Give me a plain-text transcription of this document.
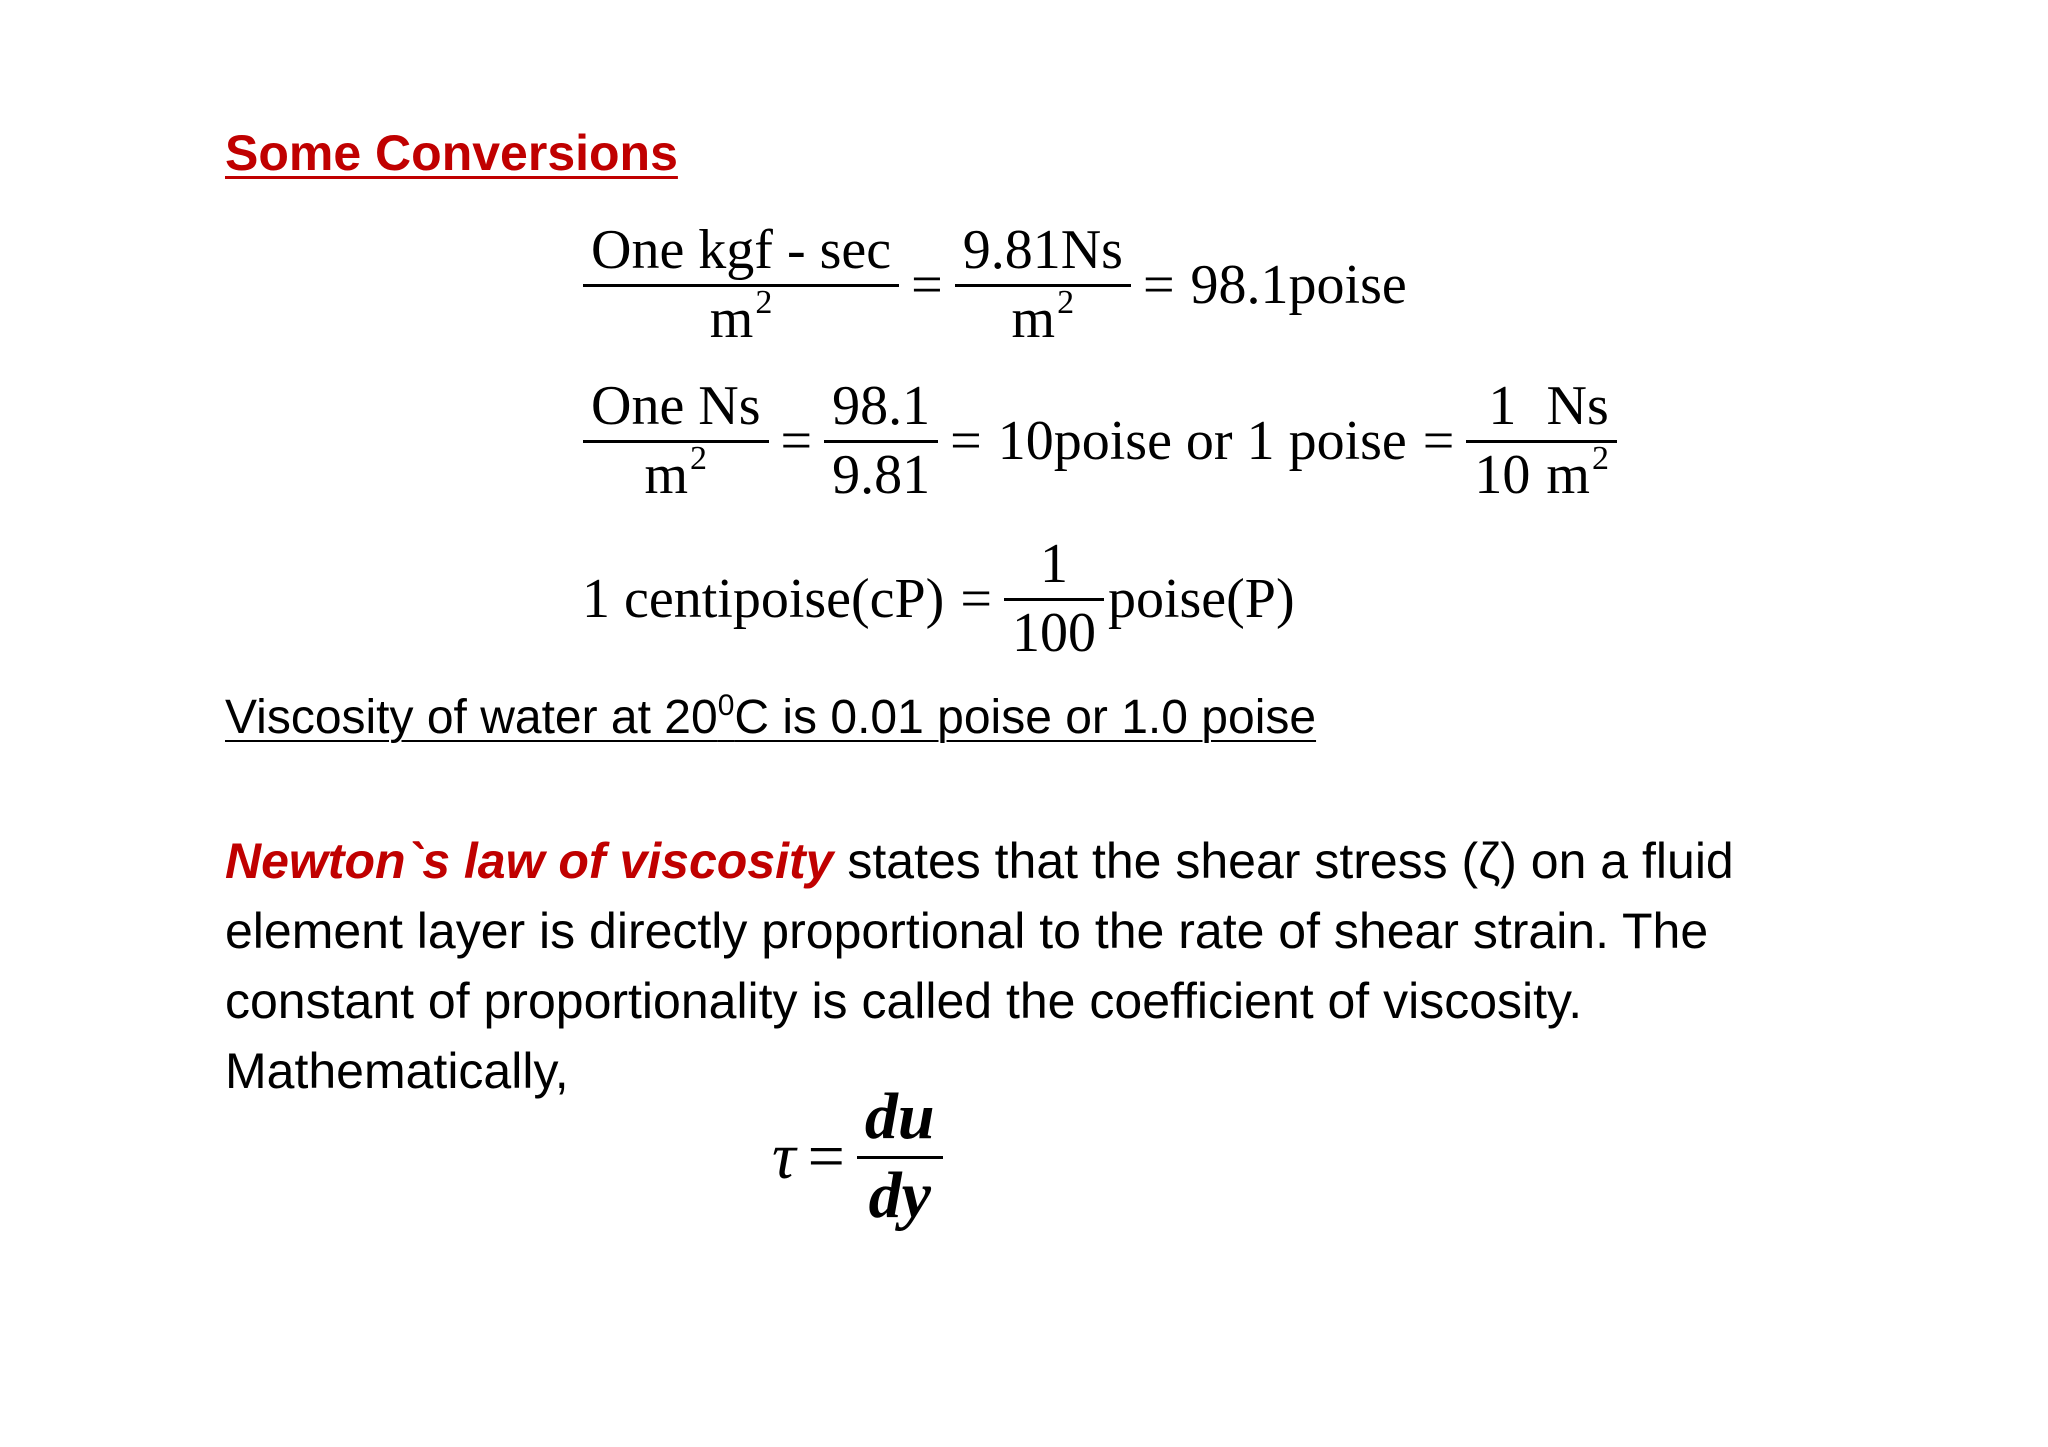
Some Conversions
$\frac{\text{One kgf - sec}}{m^2} = \frac{9.81Ns}{m^2}$ = 98.1poise
$\frac{\text{One Ns}}{m^2} = \frac{98.1}{9.81}$ = 10poise or 1 poise = $\frac{1}{10} \frac{Ns}{m^2}$
1 centipoise(cP) = $\frac{1}{100}$ poise(P)
Viscosity of water at $20^0C$ is 0.01 poise or 1.0 poise
Newton`s law of viscosity states that the shear stress (ζ) on a fluid
element layer is directly proportional to the rate of shear strain. The
constant of proportionality is called the coefficient of viscosity.
Mathematically,
$\tau = \frac{du}{dy}$
